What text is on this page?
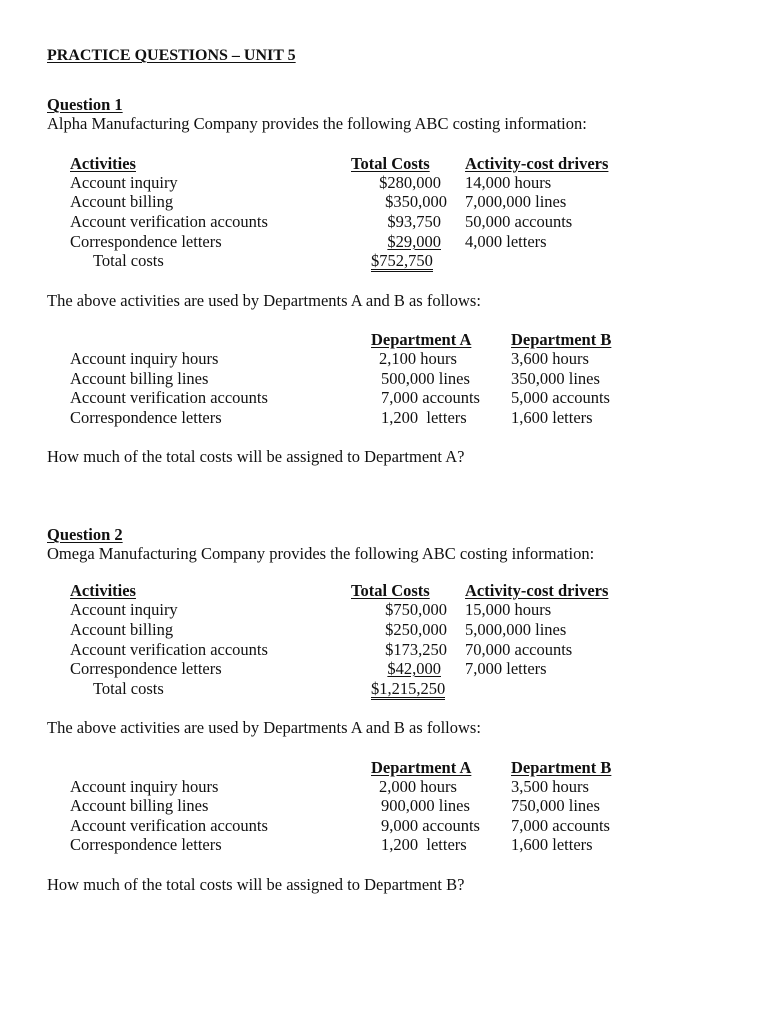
PRACTICE QUESTIONS – UNIT 5
Question 1
Alpha Manufacturing Company provides the following ABC costing information:
Activities	Total Costs Activity-cost drivers
Account inquiry
Account billing
Account verification accounts
Correspondence letters
Total costs
$280,000
$350,000
$93,750
$29,000
$752,750
14,000 hours
7,000,000 lines
50,000 accounts
4,000 letters
The above activities are used by Departments A and B as follows:
Department A Department B
Account inquiry hours
Account billing lines
Account verification accounts
Correspondence letters
2,100 hours
500,000 lines
7,000 accounts
1,200  letters
3,600 hours
350,000 lines
5,000 accounts
1,600 letters
How much of the total costs will be assigned to Department A?
Question 2
Omega Manufacturing Company provides the following ABC costing information:
Activities	Total Costs Activity-cost drivers
Account inquiry
Account billing
Account verification accounts
Correspondence letters
Total costs
$750,000
$250,000
$173,250
$42,000
$1,215,250
15,000 hours
5,000,000 lines
70,000 accounts
7,000 letters
The above activities are used by Departments A and B as follows:
Department A Department B
Account inquiry hours
Account billing lines
Account verification accounts
Correspondence letters
2,000 hours
900,000 lines
9,000 accounts
1,200  letters
3,500 hours
750,000 lines
7,000 accounts
1,600 letters
How much of the total costs will be assigned to Department B?
